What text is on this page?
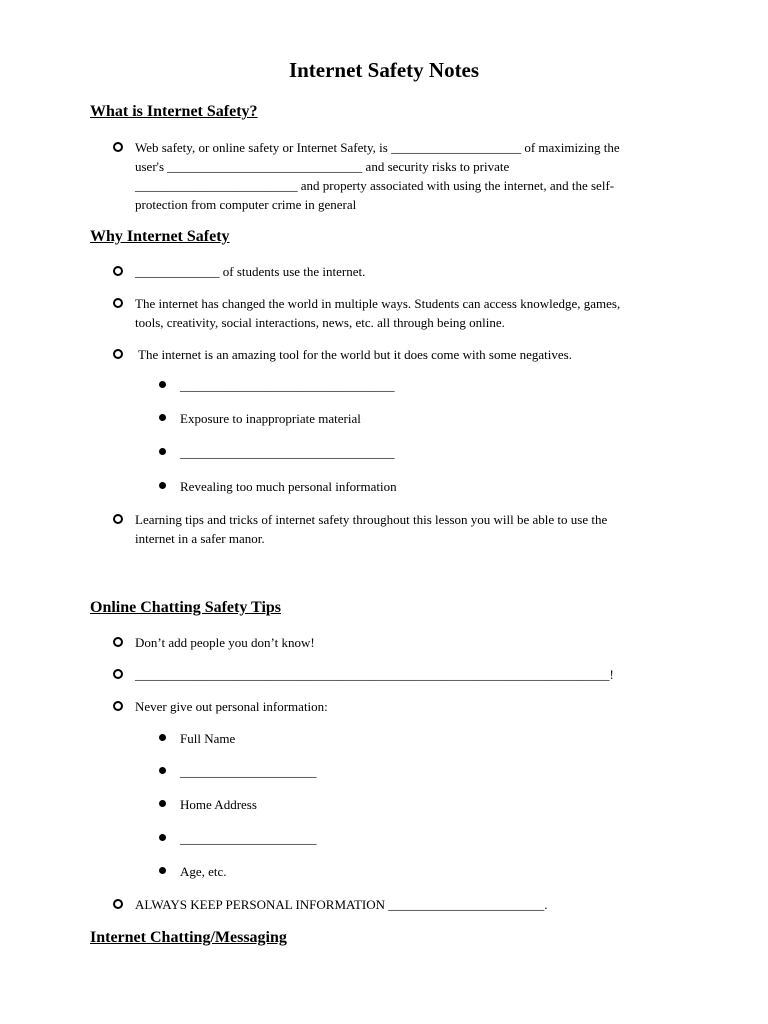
Internet Safety Notes
What is Internet Safety?
Web safety, or online safety or Internet Safety, is ____________________ of maximizing the
user's ______________________________ and security risks to private
_________________________ and property associated with using the internet, and the self-
protection from computer crime in general
Why Internet Safety
_____________ of students use the internet.
The internet has changed the world in multiple ways. Students can access knowledge, games,
tools, creativity, social interactions, news, etc. all through being online.
The internet is an amazing tool for the world but it does come with some negatives.
_________________________________
Exposure to inappropriate material
_________________________________
Revealing too much personal information
Learning tips and tricks of internet safety throughout this lesson you will be able to use the
internet in a safer manor.
Online Chatting Safety Tips
Don’t add people you don’t know!
_________________________________________________________________________!
Never give out personal information:
Full Name
_____________________
Home Address
_____________________
Age, etc.
ALWAYS KEEP PERSONAL INFORMATION ________________________.
Internet Chatting/Messaging
